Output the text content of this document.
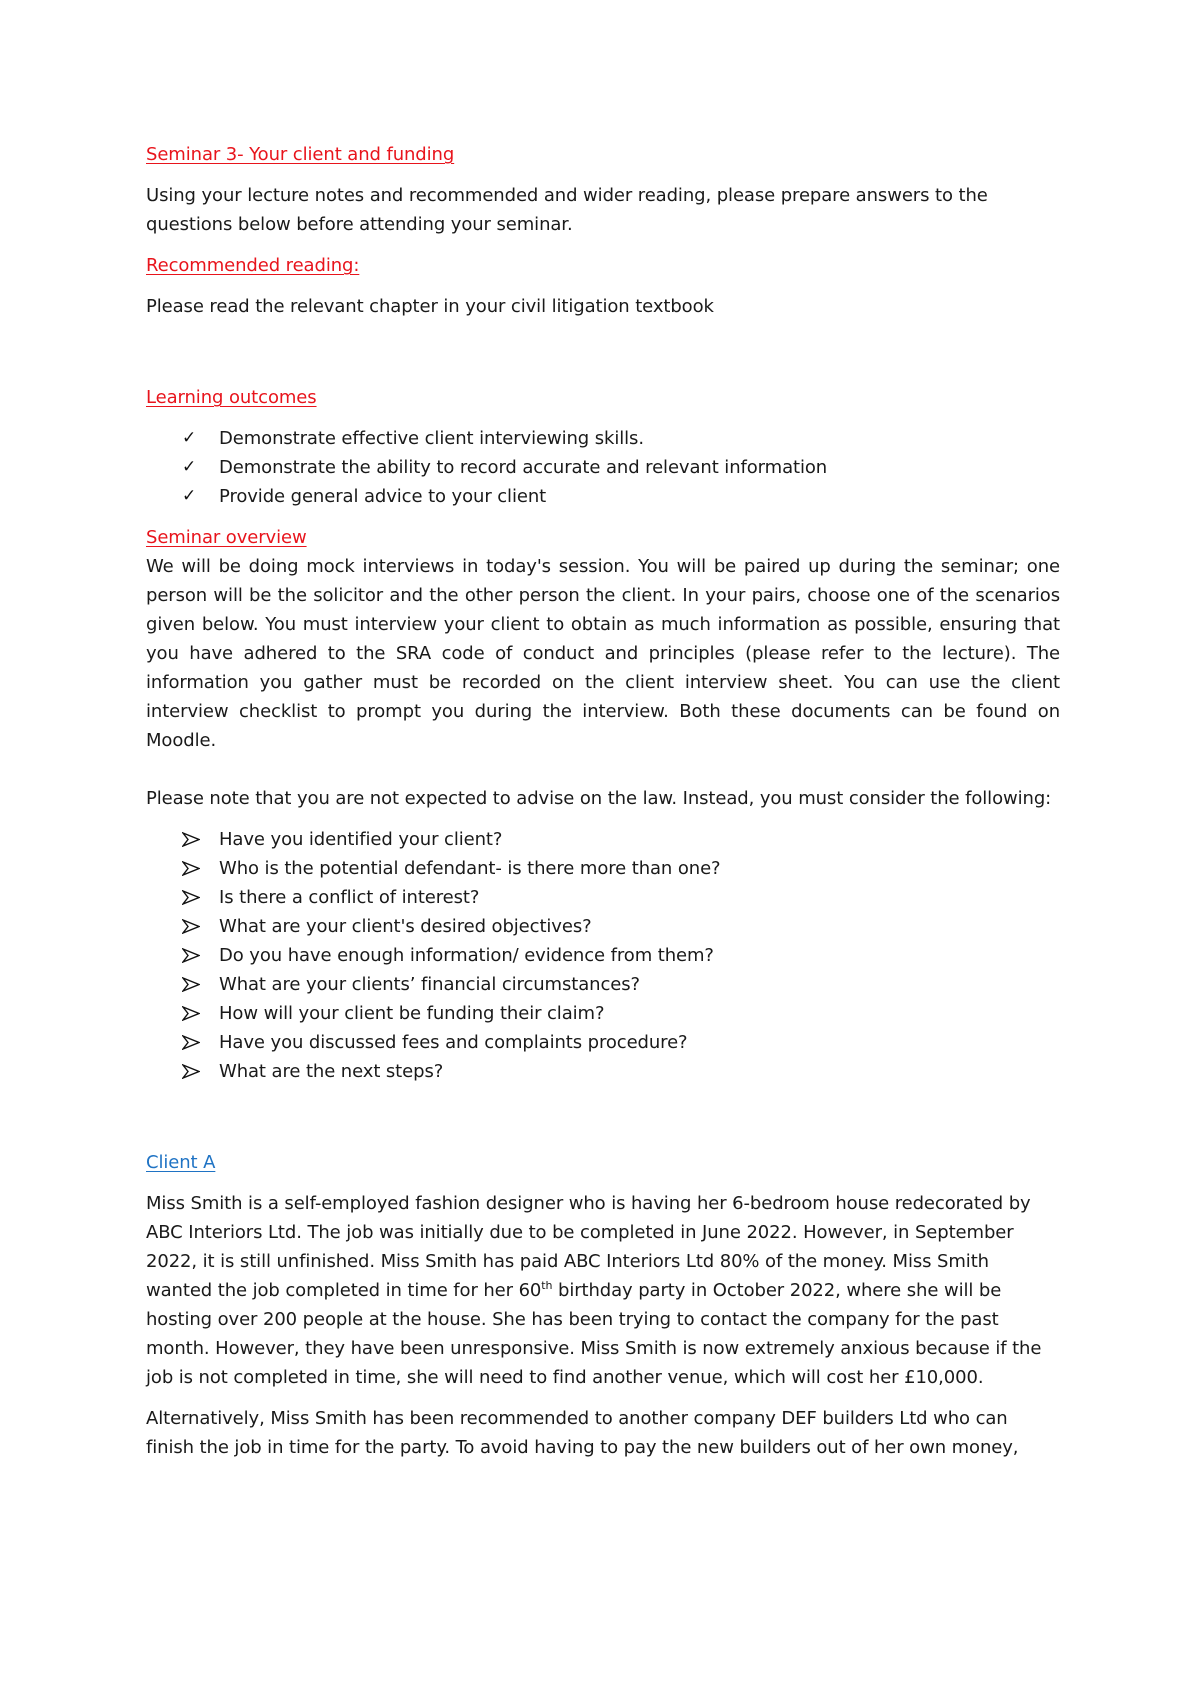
Seminar 3- Your client and funding

Using your lecture notes and recommended and wider reading, please prepare answers to the questions below before attending your seminar.

Recommended reading:

Please read the relevant chapter in your civil litigation textbook

Learning outcomes

✓	Demonstrate effective client interviewing skills.
✓	Demonstrate the ability to record accurate and relevant information
✓	Provide general advice to your client

Seminar overview

We will be doing mock interviews in today's session. You will be paired up during the seminar; one person will be the solicitor and the other person the client. In your pairs, choose one of the scenarios given below. You must interview your client to obtain as much information as possible, ensuring that you have adhered to the SRA code of conduct and principles (please refer to the lecture). The information you gather must be recorded on the client interview sheet. You can use the client interview checklist to prompt you during the interview. Both these documents can be found on Moodle.

Please note that you are not expected to advise on the law. Instead, you must consider the following:

Have you identified your client?
Who is the potential defendant- is there more than one?
Is there a conflict of interest?
What are your client's desired objectives?
Do you have enough information/ evidence from them?
What are your clients’ financial circumstances?
How will your client be funding their claim?
Have you discussed fees and complaints procedure?
What are the next steps?

Client A

Miss Smith is a self-employed fashion designer who is having her 6-bedroom house redecorated by ABC Interiors Ltd. The job was initially due to be completed in June 2022. However, in September 2022, it is still unfinished. Miss Smith has paid ABC Interiors Ltd 80% of the money. Miss Smith wanted the job completed in time for her 60th birthday party in October 2022, where she will be hosting over 200 people at the house. She has been trying to contact the company for the past month. However, they have been unresponsive. Miss Smith is now extremely anxious because if the job is not completed in time, she will need to find another venue, which will cost her £10,000.

Alternatively, Miss Smith has been recommended to another company DEF builders Ltd who can finish the job in time for the party. To avoid having to pay the new builders out of her own money,
